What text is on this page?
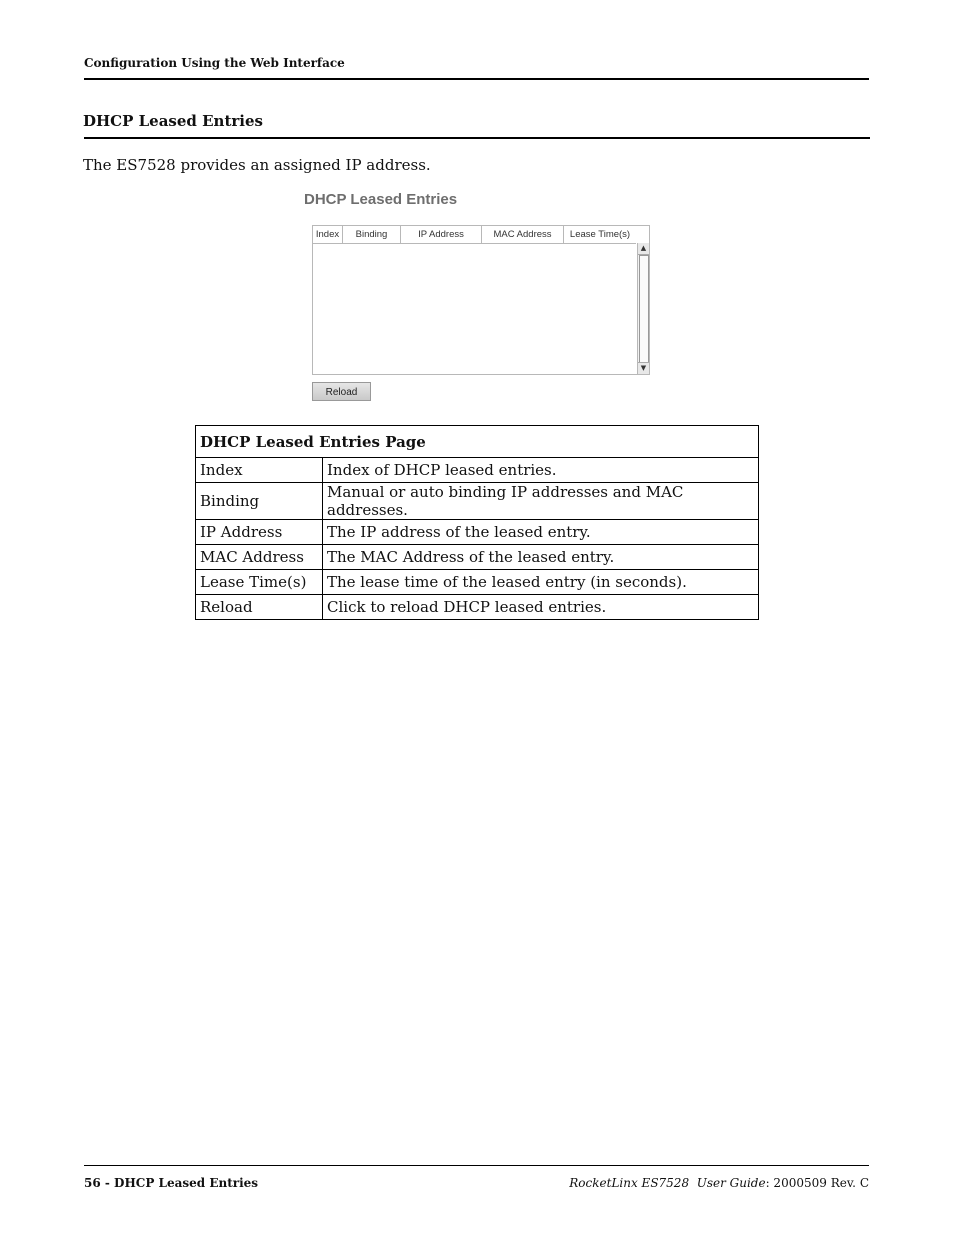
Configuration Using the Web Interface
DHCP Leased Entries
The ES7528 provides an assigned IP address.
DHCP Leased Entries
Index	Binding	IP Address	MAC Address	Lease Time(s)
▲
▼
Reload
DHCP Leased Entries Page	
Index	Index of DHCP leased entries.
Binding	Manual or auto binding IP addresses and MAC addresses.
IP Address	The IP address of the leased entry.
MAC Address	The MAC Address of the leased entry.
Lease Time(s)	The lease time of the leased entry (in seconds).
Reload	Click to reload DHCP leased entries.
56 - DHCP Leased Entries	RocketLinx ES7528 User Guide: 2000509 Rev. C
